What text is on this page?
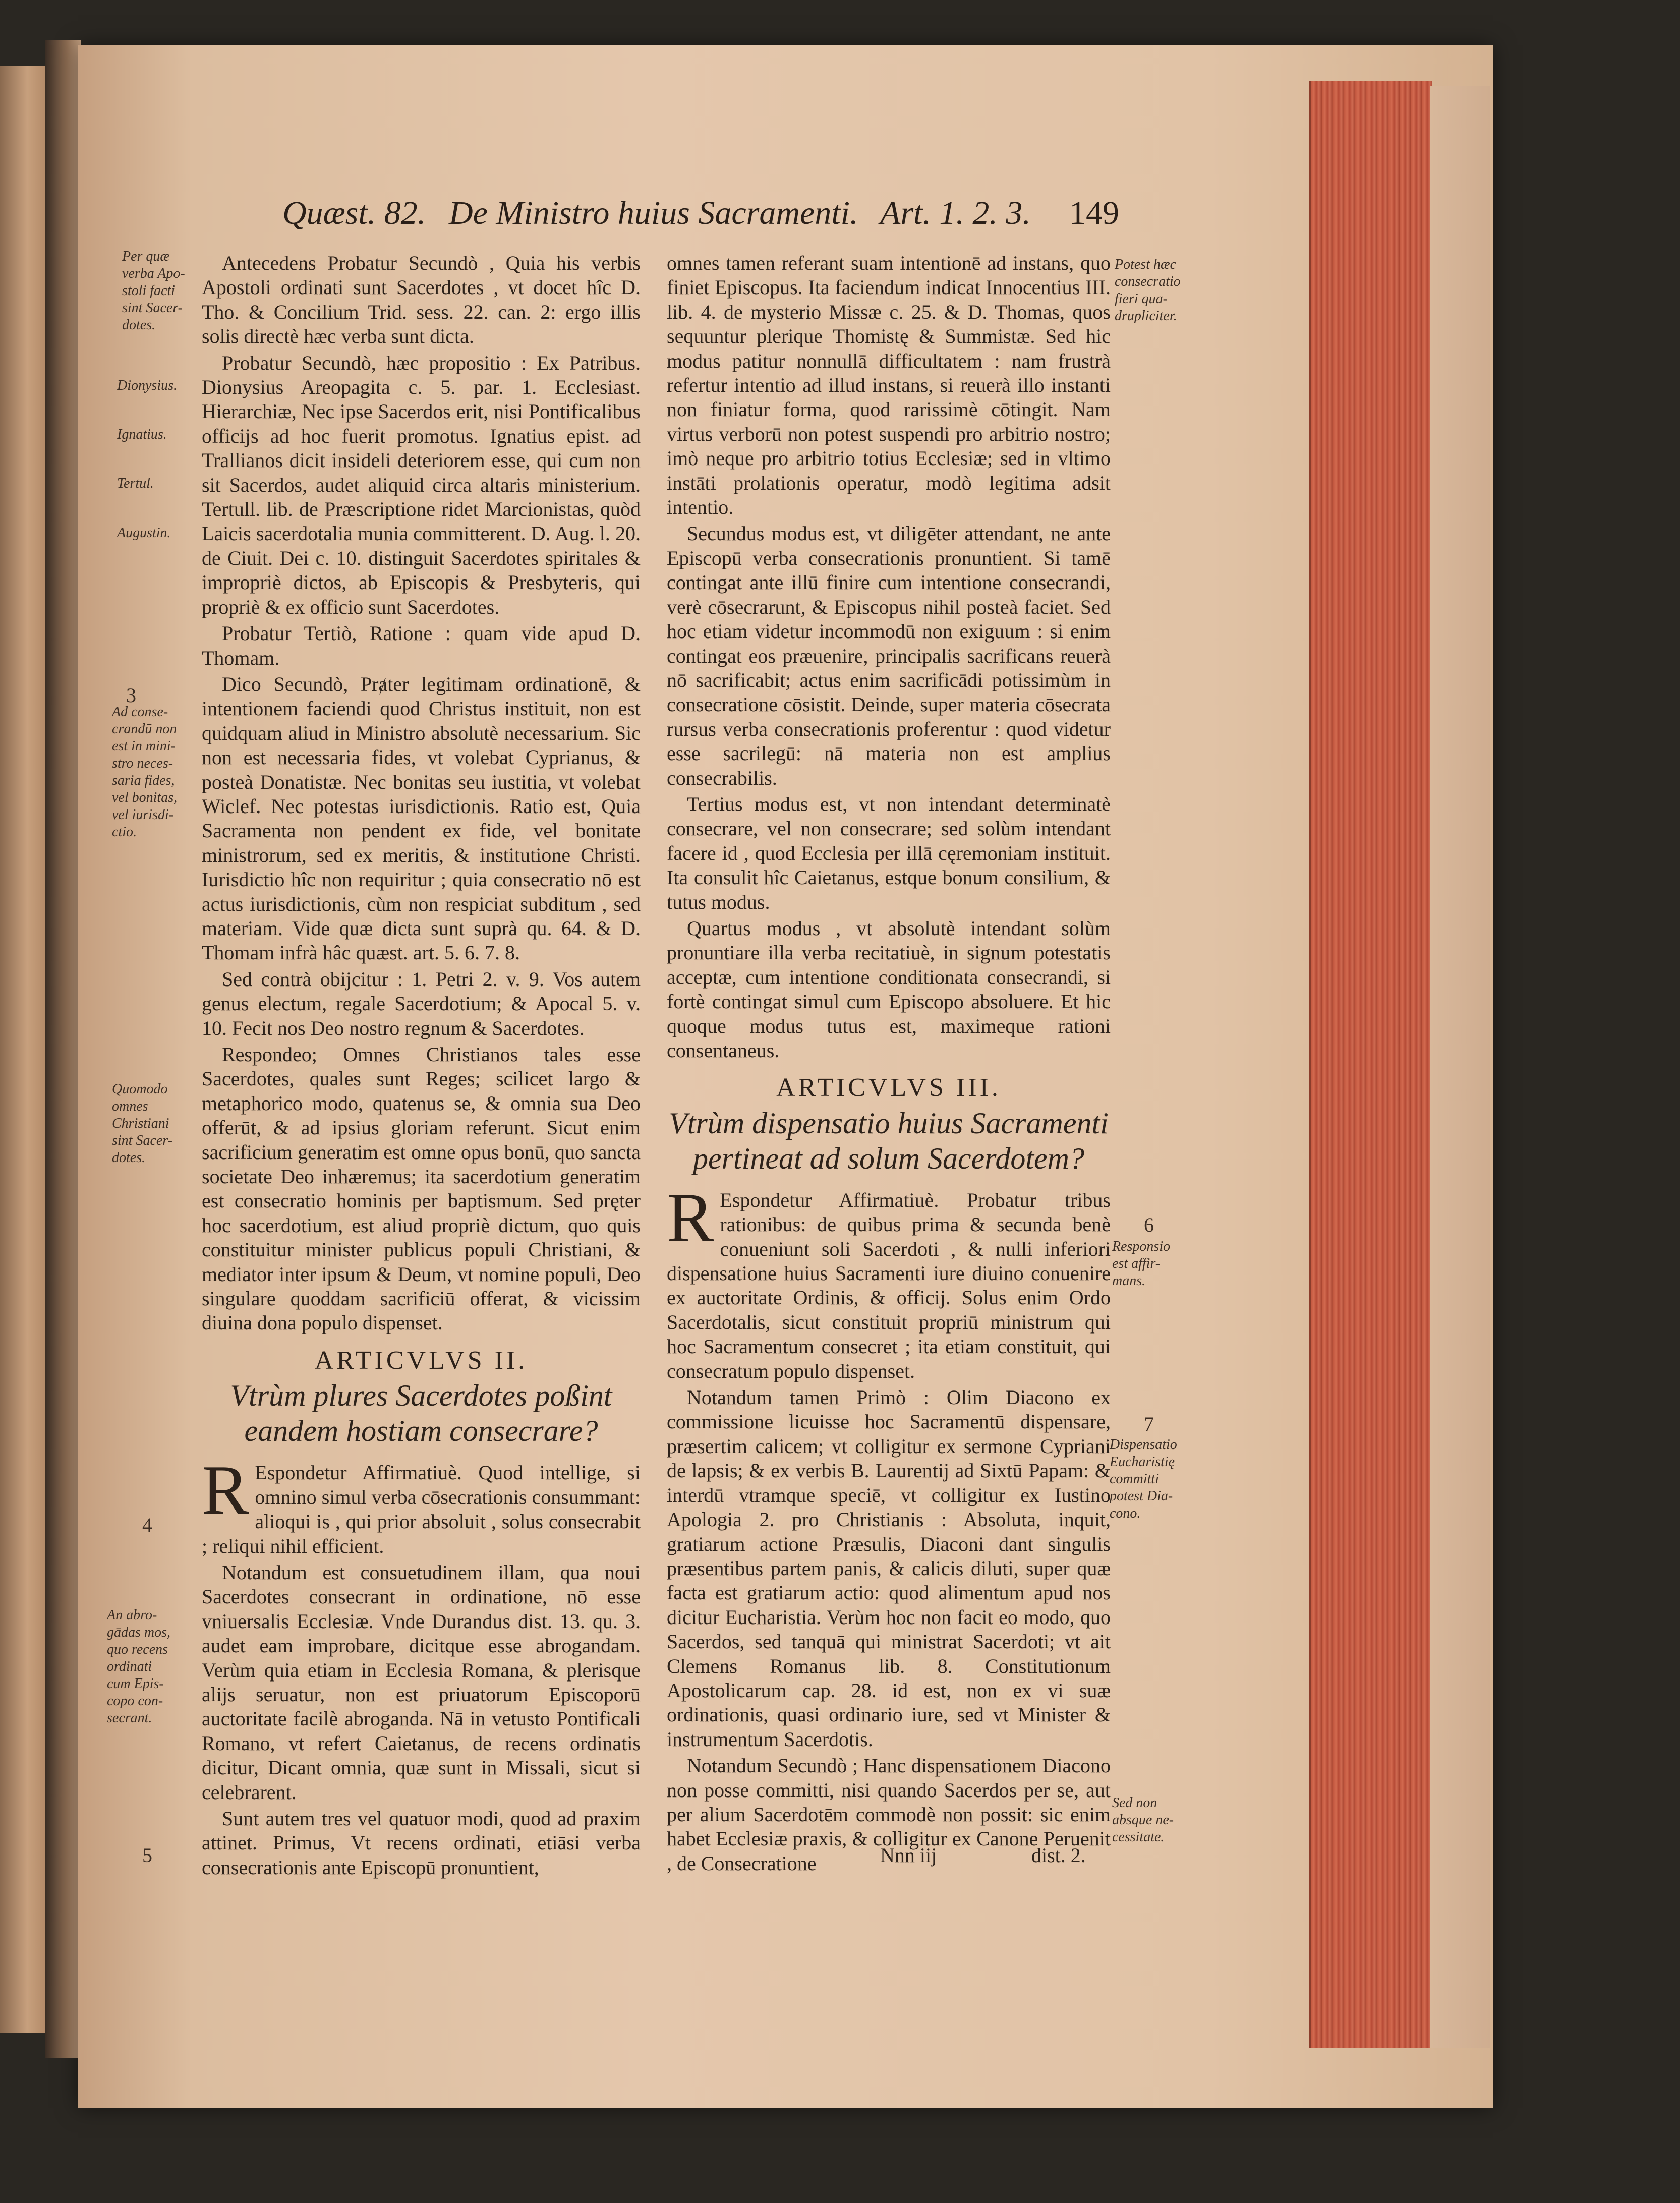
Quæst. 82. De Ministro huius Sacramenti. Art. 1. 2. 3. 149

Antecedens Probatur Secundò , Quia his verbis Apostoli ordinati sunt Sacerdotes , vt docet hîc D. Tho. & Concilium Trid. sess. 22. can. 2: ergo illis solis directè hæc verba sunt dicta.

Probatur Secundò, hæc propositio : Ex Patribus. Dionysius Areopagita c. 5. par. 1. Ecclesiast. Hierarchiæ, Nec ipse Sacerdos erit, nisi Pontificalibus officijs ad hoc fuerit promotus. Ignatius epist. ad Trallianos dicit insideli deteriorem esse, qui cum non sit Sacerdos, audet aliquid circa altaris ministerium. Tertull. lib. de Præscriptione ridet Marcionistas, quòd Laicis sacerdotalia munia committerent. D. Aug. l. 20. de Ciuit. Dei c. 10. distinguit Sacerdotes spiritales & impropriè dictos, ab Episcopis & Presbyteris, qui propriè & ex officio sunt Sacerdotes.

Probatur Tertiò, Ratione : quam vide apud D. Thomam.

Dico Secundò, Prⱥter legitimam ordinationē, & intentionem faciendi quod Christus instituit, non est quidquam aliud in Ministro absolutè necessarium. Sic non est necessaria fides, vt volebat Cyprianus, & posteà Donatistæ. Nec bonitas seu iustitia, vt volebat Wiclef. Nec potestas iurisdictionis. Ratio est, Quia Sacramenta non pendent ex fide, vel bonitate ministrorum, sed ex meritis, & institutione Christi. Iurisdictio hîc non requiritur ; quia consecratio nō est actus iurisdictionis, cùm non respiciat subditum , sed materiam. Vide quæ dicta sunt suprà qu. 64. & D. Thomam infrà hâc quæst. art. 5. 6. 7. 8.

Sed contrà obijcitur : 1. Petri 2. v. 9. Vos autem genus electum, regale Sacerdotium; & Apocal 5. v. 10. Fecit nos Deo nostro regnum & Sacerdotes.

Respondeo; Omnes Christianos tales esse Sacerdotes, quales sunt Reges; scilicet largo & metaphorico modo, quatenus se, & omnia sua Deo offerūt, & ad ipsius gloriam referunt. Sicut enim sacrificium generatim est omne opus bonū, quo sancta societate Deo inhæremus; ita sacerdotium generatim est consecratio hominis per baptismum. Sed pręter hoc sacerdotium, est aliud propriè dictum, quo quis constituitur minister publicus populi Christiani, & mediator inter ipsum & Deum, vt nomine populi, Deo singulare quoddam sacrificiū offerat, & vicissim diuina dona populo dispenset.

ARTICVLVS II.
Vtrùm plures Sacerdotes poßint eandem hostiam consecrare?

R Espondetur Affirmatiuè. Quod intellige, si omnino simul verba cōsecrationis consummant: alioqui is , qui prior absoluit , solus consecrabit ; reliqui nihil efficient.

Notandum est consuetudinem illam, qua noui Sacerdotes consecrant in ordinatione, nō esse vniuersalis Ecclesiæ. Vnde Durandus dist. 13. qu. 3. audet eam improbare, dicitque esse abrogandam. Verùm quia etiam in Ecclesia Romana, & plerisque alijs seruatur, non est priuatorum Episcoporū auctoritate facilè abroganda. Nā in vetusto Pontificali Romano, vt refert Caietanus, de recens ordinatis dicitur, Dicant omnia, quæ sunt in Missali, sicut si celebrarent.

Sunt autem tres vel quatuor modi, quod ad praxim attinet. Primus, Vt recens ordinati, etiāsi verba consecrationis ante Episcopū pronuntient,

omnes tamen referant suam intentionē ad instans, quo finiet Episcopus. Ita faciendum indicat Innocentius III. lib. 4. de mysterio Missæ c. 25. & D. Thomas, quos sequuntur plerique Thomistę & Summistæ. Sed hic modus patitur nonnullā difficultatem : nam frustrà refertur intentio ad illud instans, si reuerà illo instanti non finiatur forma, quod rarissimè cōtingit. Nam virtus verborū non potest suspendi pro arbitrio nostro; imò neque pro arbitrio totius Ecclesiæ; sed in vltimo instāti prolationis operatur, modò legitima adsit intentio.

Secundus modus est, vt diligēter attendant, ne ante Episcopū verba consecrationis pronuntient. Si tamē contingat ante illū finire cum intentione consecrandi, verè cōsecrarunt, & Episcopus nihil posteà faciet. Sed hoc etiam videtur incommodū non exiguum : si enim contingat eos præuenire, principalis sacrificans reuerà nō sacrificabit; actus enim sacrificādi potissimùm in consecratione cōsistit. Deinde, super materia cōsecrata rursus verba consecrationis proferentur : quod videtur esse sacrilegū: nā materia non est amplius consecrabilis.

Tertius modus est, vt non intendant determinatè consecrare, vel non consecrare; sed solùm intendant facere id , quod Ecclesia per illā cęremoniam instituit. Ita consulit hîc Caietanus, estque bonum consilium, & tutus modus.

Quartus modus , vt absolutè intendant solùm pronuntiare illa verba recitatiuè, in signum potestatis acceptæ, cum intentione conditionata consecrandi, si fortè contingat simul cum Episcopo absoluere. Et hic quoque modus tutus est, maximeque rationi consentaneus.

ARTICVLVS III.
Vtrùm dispensatio huius Sacramenti pertineat ad solum Sacerdotem?

R Espondetur Affirmatiuè. Probatur tribus rationibus: de quibus prima & secunda benè conueniunt soli Sacerdoti , & nulli inferiori dispensatione huius Sacramenti iure diuino conuenire ex auctoritate Ordinis, & officij. Solus enim Ordo Sacerdotalis, sicut constituit propriū ministrum qui hoc Sacramentum consecret ; ita etiam constituit, qui consecratum populo dispenset.

Notandum tamen Primò : Olim Diacono ex commissione licuisse hoc Sacramentū dispensare, præsertim calicem; vt colligitur ex sermone Cypriani de lapsis; & ex verbis B. Laurentij ad Sixtū Papam: & interdū vtramque speciē, vt colligitur ex Iustino Apologia 2. pro Christianis : Absoluta, inquit, gratiarum actione Præsulis, Diaconi dant singulis præsentibus partem panis, & calicis diluti, super quæ facta est gratiarum actio: quod alimentum apud nos dicitur Eucharistia. Verùm hoc non facit eo modo, quo Sacerdos, sed tanquā qui ministrat Sacerdoti; vt ait Clemens Romanus lib. 8. Constitutionum Apostolicarum cap. 28. id est, non ex vi suæ ordinationis, quasi ordinario iure, sed vt Minister & instrumentum Sacerdotis.

Notandum Secundò ; Hanc dispensationem Diacono non posse committi, nisi quando Sacerdos per se, aut per alium Sacerdotēm commodè non possit: sic enim habet Ecclesiæ praxis, & colligitur ex Canone Peruenit , de Consecratione

Per quæ
verba Apo-
stoli facti
sint Sacer-
dotes.
Dionysius.
Ignatius.
Tertul.
Augustin.
3
Ad conse-
crandū non
est in mini-
stro neces-
saria fides,
vel bonitas,
vel iurisdi-
ctio.
Quomodo
omnes
Christiani
sint Sacer-
dotes.
4
An abro-
gādas mos,
quo recens
ordinati
cum Epis-
copo con-
secrant.
5
Potest hæc
consecratio
fieri qua-
drupliciter.
6
Responsio
est affir-
mans.
7
Dispensatio
Eucharistię
committi
potest Dia-
cono.
Sed non
absque ne-
cessitate.
Nnn iij	dist. 2.
